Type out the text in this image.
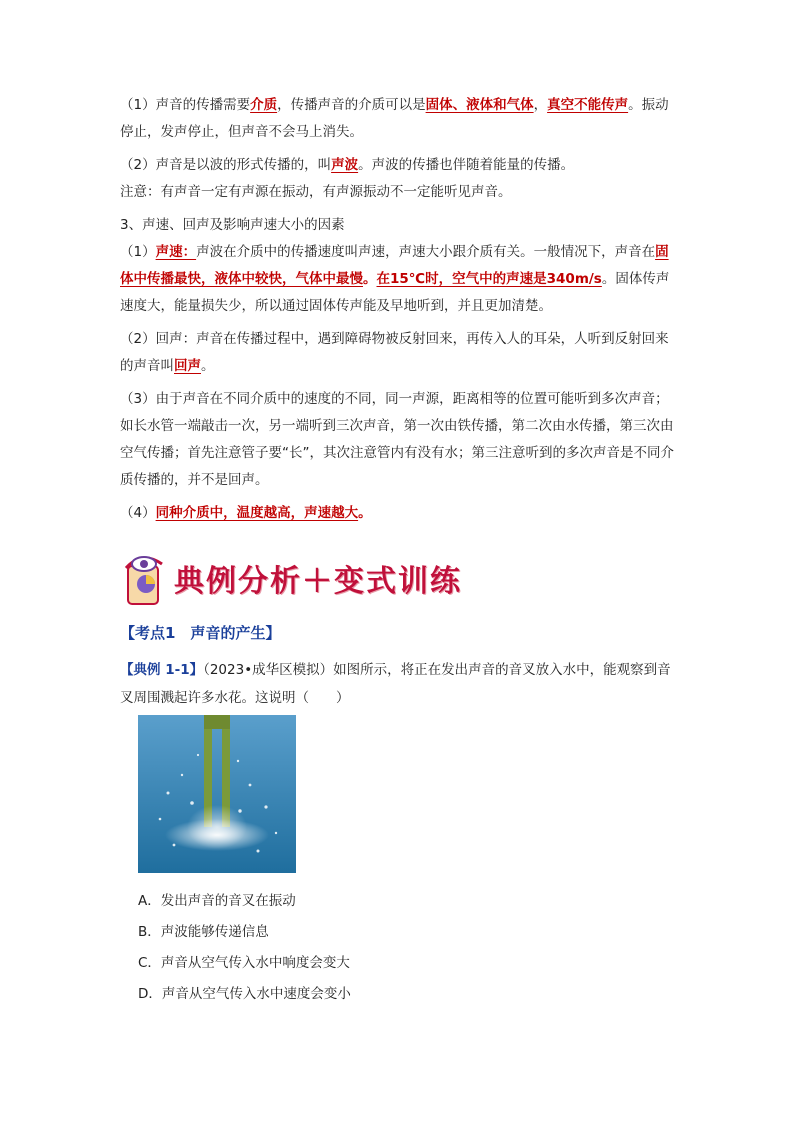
（1）声音的传播需要介质，传播声音的介质可以是固体、液体和气体，真空不能传声。振动停止，发声停止，但声音不会马上消失。

（2）声音是以波的形式传播的，叫声波。声波的传播也伴随着能量的传播。

注意：有声音一定有声源在振动，有声源振动不一定能听见声音。

3、声速、回声及影响声速大小的因素

（1）声速：声波在介质中的传播速度叫声速，声速大小跟介质有关。一般情况下，声音在固体中传播最快，液体中较快，气体中最慢。在15℃时，空气中的声速是340m/s。固体传声速度大，能量损失少，所以通过固体传声能及早地听到，并且更加清楚。

（2）回声：声音在传播过程中，遇到障碍物被反射回来，再传入人的耳朵，人听到反射回来的声音叫回声。

（3）由于声音在不同介质中的速度的不同，同一声源，距离相等的位置可能听到多次声音；如长水管一端敲击一次，另一端听到三次声音，第一次由铁传播，第二次由水传播，第三次由空气传播；首先注意管子要“长”，其次注意管内有没有水；第三注意听到的多次声音是不同介质传播的，并不是回声。

（4）同种介质中，温度越高，声速越大。

典例分析＋变式训练
【考点1　声音的产生】
【典例 1-1】（2023•成华区模拟）如图所示，将正在发出声音的音叉放入水中，能观察到音叉周围溅起许多水花。这说明（　　）
A．发出声音的音叉在振动
B．声波能够传递信息
C．声音从空气传入水中响度会变大
D．声音从空气传入水中速度会变小
